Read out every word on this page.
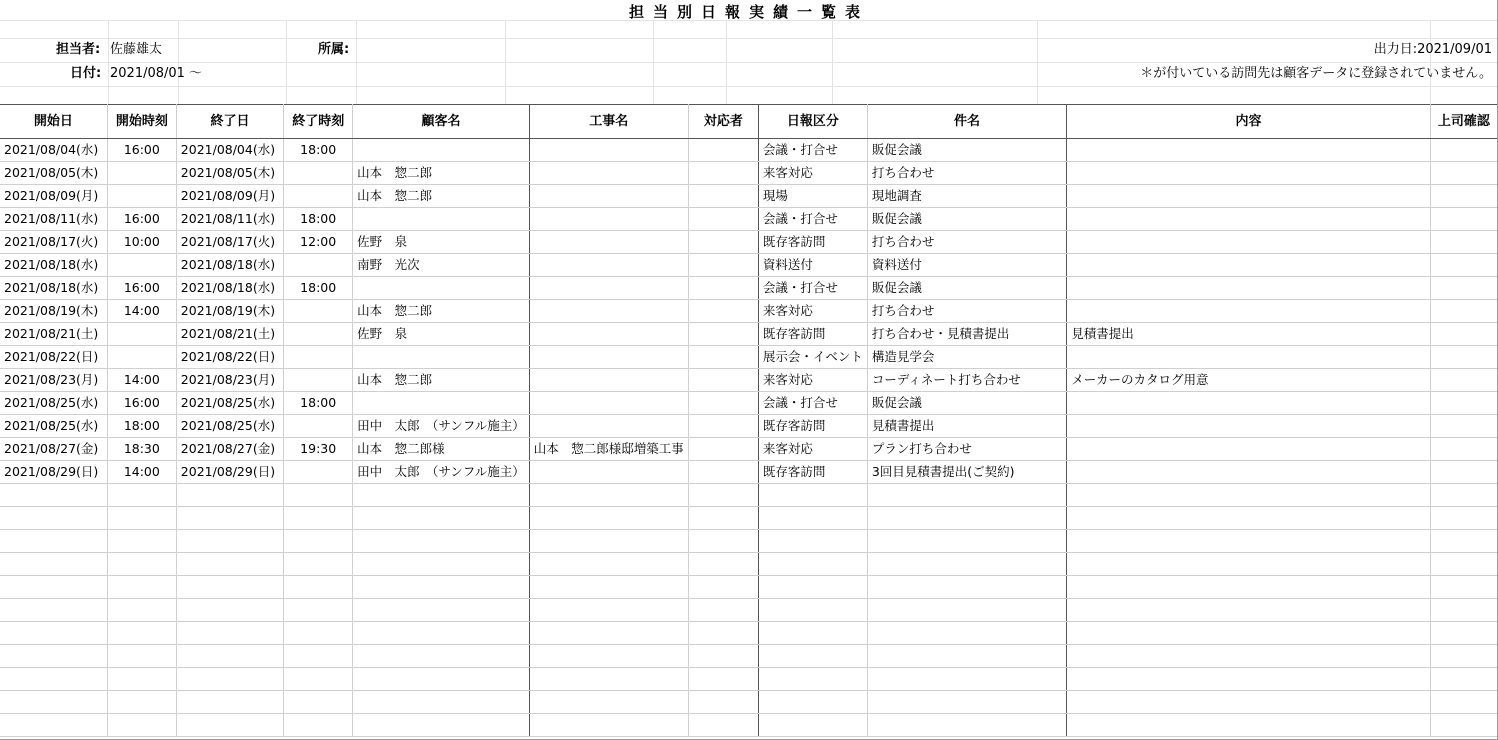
担当別日報実績一覧表
担当者: 佐藤雄太	所属:	出力日:2021/09/01
日付: 2021/08/01 〜	＊が付いている訪問先は顧客データに登録されていません。
開始日	開始時刻	終了日	終了時刻	顧客名	工事名	対応者	日報区分	件名	内容	上司確認
2021/08/04(水)	16:00	2021/08/04(水)	18:00				会議・打合せ	販促会議		
2021/08/05(木)		2021/08/05(木)		山本　惣二郎			来客対応	打ち合わせ		
2021/08/09(月)		2021/08/09(月)		山本　惣二郎			現場	現地調査		
2021/08/11(水)	16:00	2021/08/11(水)	18:00				会議・打合せ	販促会議		
2021/08/17(火)	10:00	2021/08/17(火)	12:00	佐野　泉			既存客訪問	打ち合わせ		
2021/08/18(水)		2021/08/18(水)		南野　光次			資料送付	資料送付		
2021/08/18(水)	16:00	2021/08/18(水)	18:00				会議・打合せ	販促会議		
2021/08/19(木)	14:00	2021/08/19(木)		山本　惣二郎			来客対応	打ち合わせ		
2021/08/21(土)		2021/08/21(土)		佐野　泉			既存客訪問	打ち合わせ・見積書提出	見積書提出	
2021/08/22(日)		2021/08/22(日)					展示会・イベント	構造見学会		
2021/08/23(月)	14:00	2021/08/23(月)		山本　惣二郎			来客対応	コーディネート打ち合わせ	メーカーのカタログ用意	
2021/08/25(水)	16:00	2021/08/25(水)	18:00				会議・打合せ	販促会議		
2021/08/25(水)	18:00	2021/08/25(水)		田中　太郎　（サンフル施主）			既存客訪問	見積書提出		
2021/08/27(金)	18:30	2021/08/27(金)	19:30	山本　惣二郎様	山本　惣二郎様邸増築工事		来客対応	プラン打ち合わせ		
2021/08/29(日)	14:00	2021/08/29(日)		田中　太郎　（サンフル施主）			既存客訪問	3回目見積書提出(ご契約)		
